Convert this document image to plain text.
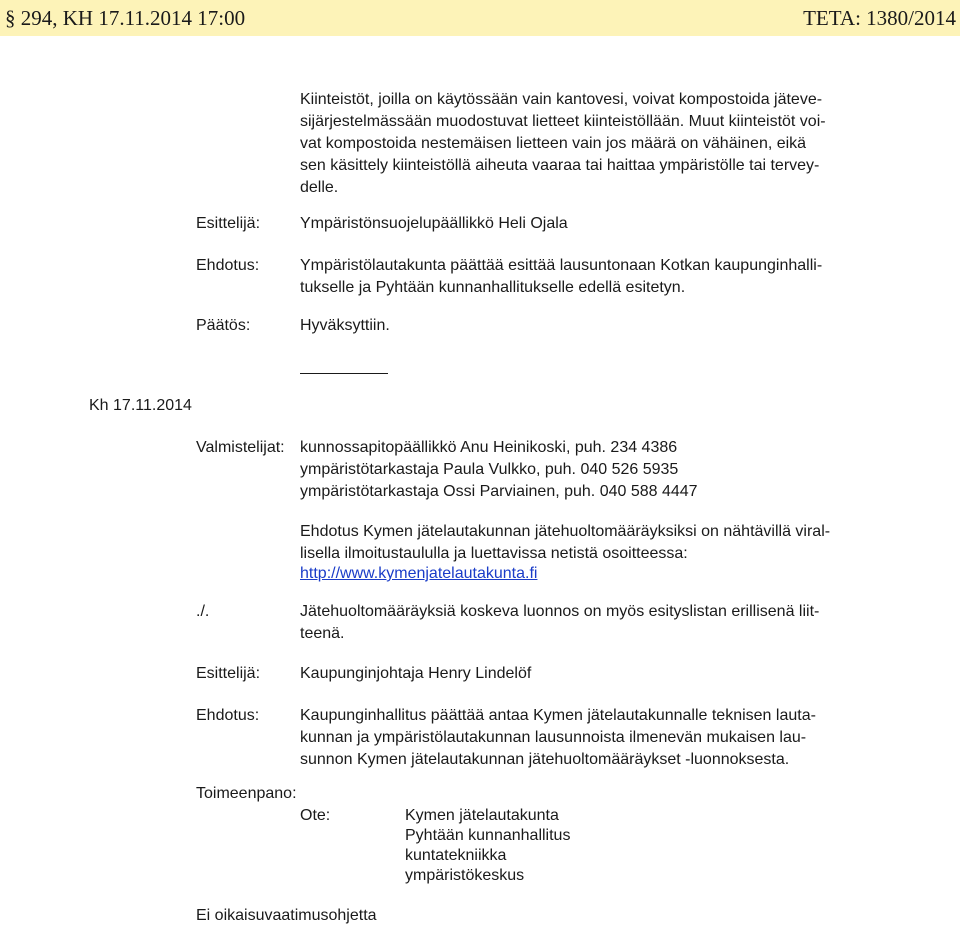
§ 294, KH 17.11.2014 17:00	TETA: 1380/2014
Kiinteistöt, joilla on käytössään vain kantovesi, voivat kompostoida jäteve-
sijärjestelmässään muodostuvat lietteet kiinteistöllään. Muut kiinteistöt voi-
vat kompostoida nestemäisen lietteen vain jos määrä on vähäinen, eikä
sen käsittely kiinteistöllä aiheuta vaaraa tai haittaa ympäristölle tai tervey-
delle.
Esittelijä: Ympäristönsuojelupäällikkö Heli Ojala
Ehdotus:	Ympäristölautakunta päättää esittää lausuntonaan Kotkan kaupunginhalli-
tukselle ja Pyhtään kunnanhallitukselle edellä esitetyn.
Päätös:	Hyväksyttiin.
Kh 17.11.2014
Valmistelijat: kunnossapitopäällikkö Anu Heinikoski, puh. 234 4386
ympäristötarkastaja Paula Vulkko, puh. 040 526 5935
ympäristötarkastaja Ossi Parviainen, puh. 040 588 4447
Ehdotus Kymen jätelautakunnan jätehuoltomääräyksiksi on nähtävillä viral-
lisella ilmoitustaululla ja luettavissa netistä osoitteessa:
http://www.kymenjatelautakunta.fi
./.	Jätehuoltomääräyksiä koskeva luonnos on myös esityslistan erillisenä liit-
teenä.
Esittelijä: Kaupunginjohtaja Henry Lindelöf
Ehdotus:	Kaupunginhallitus päättää antaa Kymen jätelautakunnalle teknisen lauta-
kunnan ja ympäristölautakunnan lausunnoista ilmenevän mukaisen lau-
sunnon Kymen jätelautakunnan jätehuoltomääräykset -luonnoksesta.
Toimeenpano:
Ote:	Kymen jätelautakunta
Pyhtään kunnanhallitus
kuntatekniikka
ympäristökeskus
Ei oikaisuvaatimusohjetta
